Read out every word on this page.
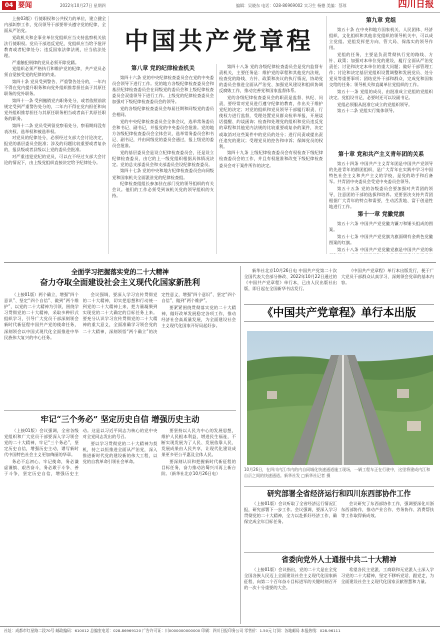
04 要闻	2022年10月27日 星期四	编辑：吴晓东 电话：028-86969002 实习生 杨德 美编：蔡琼	四川日报

上接03版）行使职权和公共权力的单位，建立健全内部纠察工作，党员领导干部要带头遵守党的纪律，全面从严治党。

党政机关和企事业单位党组织应当支持监察机关依法行使职权。党员干部违反党纪，党组织应当给予批评教育或者纪律处分；违反国家法律法规，应当依法处理。

严重触犯刑律的党员必须开除党籍。

党组织必须严格执行和维护党的纪律，共产党员必须自觉接受党的纪律的约束。

第四十条 党员受到警告、严重警告处分的，一年内不得在党内提升职务和向党外组织推荐担任高于其原任职务的党外职务。

第四十一条 受到撤销党内职务处分，或者依照前款规定受到严重警告处分的，二年内不得在党内担任和向党外组织推荐担任与其原任职务相当或者高于其原任职务的职务。

第四十二条 党员受到留党察看处分，察看期间没有表决权、选举权和被选举权。

对党员的纪律处分，必须经过支部大会讨论决定，报党的基层委员会批准；涉及的问题比较重要或者复杂的，报县级或者县级以上党的委员会批准。

对严重违犯党纪的党员，可以在不经过支部大会讨论的情况下，由上级党组织直接决定给予纪律处分。

中国共产党章程
第八章 党的纪律检查机关

第四十六条 党的中央纪律检查委员会在党的中央委员会领导下进行工作。党的地方各级纪律检查委员会和基层纪律检查委员会在同级党的委员会和上级纪律检查委员会双重领导下进行工作。上级党的纪律检查委员会加强对下级纪律检查委员会的领导。

党的各级纪律检查委员会每届任期和同级党的委员会相同。

党的中央纪律检查委员会全体会议，选举常务委员会和书记、副书记，并报党的中央委员会批准。党的地方各级纪律检查委员会全体会议，选举常务委员会和书记、副书记，并由同级党的委员会通过，报上级党的委员会批准。

党的基层委员会是设立纪律检查委员会，还是设立纪律检查委员，由它的上一级党组织根据具体情况决定。党的总支部委员会和支部委员会设纪律检查委员。

第四十七条 党的中央和地方纪律检查委员会向同级党和国家机关全面派驻党的纪律检查组。

纪律检查组组长参加驻在部门党的领导组织的有关会议。他们的工作必须受到该机关党的领导组织的支持。

第四十八条 党的各级纪律检查委员会是党内监督专责机关，主要任务是：维护党的章程和其他党内法规，检查党的路线、方针、政策和决议的执行情况，协助党的委员会推进全面从严治党、加强党风建设和组织协调反腐败工作，推动完善党和国家监督体系。

党的各级纪律检查委员会的职责是监督、执纪、问责，要经常对党员进行遵守纪律的教育，作出关于维护党纪的决定；对党的组织和党员领导干部履行职责、行使权力进行监督，受理处置党员群众检举举报，开展谈话提醒、约谈函询；检查和处理党的组织和党员违反党的章程和其他党内法规的比较重要或复杂的案件，决定或取消对这些案件中的党员的处分；进行问责或提出责任追究的建议；受理党员的控告和申诉；保障党员的权利。

第四十九条 上级纪律检查委员会有权检查下级纪律检查委员会的工作，并且有权批准和改变下级纪律检查委员会对于案件所作的决定。

第九章 党组

第五十条 在中央和地方国家机关、人民团体、经济组织、文化组织和其他非党组织的领导机关中，可以成立党组。党组发挥把方向、管大局、保落实的领导作用。

党组的任务，主要是负责贯彻执行党的路线、方针、政策；加强对本单位党的建设，履行全面从严治党责任；讨论和决定本单位的重大问题；做好干部管理工作；讨论和决定基层党组织设置调整和发展党员、处分党员等重要事项；团结党外干部和群众，完成党和国家交给的任务；领导机关和直属单位党组织的工作。

第五十一条 党组的成员，由批准成立党组的党组织决定。党组设书记，必要时还可以设副书记。

党组必须服从批准它成立的党组织领导。

第五十二条 党组实行集体领导。

第十章 党和共产主义青年团的关系

第五十四条 中国共产主义青年团是中国共产党领导的先进青年的群团组织，是广大青年在实践中学习中国特色社会主义和共产主义的学校，是党的助手和后备军。共青团中央委员会受党中央委员会领导。

第五十五条 党的各级委员会要加强对共青团的领导，注意团的干部的选拔和培养。党要坚决支持共青团根据广大青年的特点和需要，生动活泼地、富于创造性地进行工作。

第十一章 党徽党旗

第五十六条 中国共产党党徽为镰刀和锤头组成的图案。

第五十七条 中国共产党党旗为旗面缀有金黄色党徽图案的红旗。

第五十八条 中国共产党党徽党旗是中国共产党的象

全面学习把握落实党的二十大精神
奋力夺取全面建设社会主义现代化国家新胜利

（上接01版）两个确立，增强“四个意识”、坚定“四个自信”、做到“两个维护”，以党的二十大精神为引领，围绕学习贯彻党的二十大精神，采取多种形式组织学习，引导广大党员干部深刻领会新时代新征程中国共产党的使命任务，深刻领会以中国式现代化全面推进中华民族伟大复兴的中心任务。

会议强调，要深入学习宣传贯彻党的二十大精神，切实把思想和行动统一到党的二十大精神上来，把力量凝聚到实现党的二十大确定的目标任务上来。要充分认识学习宣传贯彻党的二十大精神的重大意义，全面准确学习领会党的二十大精神，深刻领悟“两个确立”的决定性意义，增强“四个意识”、坚定“四个自信”、做到“两个维护”。

要紧紧围绕贯彻落实党的二十大精神，做好改革发展稳定各项工作，推动经济社会高质量发展，为全面建设社会主义现代化国家开好局起好步。

牢记“三个务必” 坚定历史自信 增强历史主动

（上接01版）会议强调，全省各级党组织和广大党员干部要深入学习领会党的二十大精神，牢记“三个务必”，坚定历史自信，增强历史主动，谱写新时代中国特色社会主义更加绚丽的华章。

务必不忘初心、牢记使命，务必谦虚谨慎、艰苦奋斗，务必敢于斗争、善于斗争，坚定历史自信，增强历史主动。这是以习近平同志为核心的党中央对全党同志发出的号召。

要以学习贯彻党的二十大精神为契机，持之以恒推进全面从严治党，深入推进新时代党的建设新的伟大工程，以党的自我革命引领社会革命。

要坚持以人民为中心的发展思想，维护人民根本利益，增进民生福祉，不断实现发展为了人民、发展依靠人民、发展成果由人民共享，让现代化建设成果更多更公平惠及全体人民。

要深刻认识和把握新时代新征程的目标任务，奋力推动治蜀兴川再上新台阶。（新华社北京10月26日电）

《中国共产党章程》单行本出版

新华社北京10月26日电 中国共产党第二十次全国代表大会部分修改、2022年10月22日通过的《中国共产党章程》单行本，已由人民出版社出版，即日起在全国新华书店发行。

《中国共产党章程》单行本出版发行，便于广大党员干部群众认真学习、深刻领会党章的基本内容。

10月26日，在四川内江市内的内自同城化快速通道施工现场，一辆工程车正在行驶中，这里将建成内江和自贡之间的快速通道。新华社发 □新华社记者 摄
研究部署全省经济运行和四川东西部协作工作

（上接01版）会议听取了全省经济运行情况汇报，研究部署下一步工作。会议强调，要深入学习贯彻党的二十大精神，全力以赴抓好经济工作，确保完成全年目标任务。

会议研究了东西部协作工作，强调要深化川浙东西部协作，推动产业合作、劳务协作、消费帮扶等工作取得新成效。

省委向党外人士通报中共二十大精神

（上接01版）会议指出，党的二十大是在全党全国各族人民迈上全面建设社会主义现代化国家新征程、向第二个百年奋斗目标进军的关键时刻召开的一次十分重要的大会。

希望各民主党派、工商联和无党派人士深入学习党的二十大精神，坚定不移听党话、跟党走，为全面建设社会主义现代化国家贡献智慧和力量。

社址：成都市红星路二段70号 邮政编码：610012 总编室电话：028-86969120 广告许可证：川0000000000000 印刷：四川日报印务公司 零售价：1.50元 订阅：各地邮局 本报热线：028-96111
